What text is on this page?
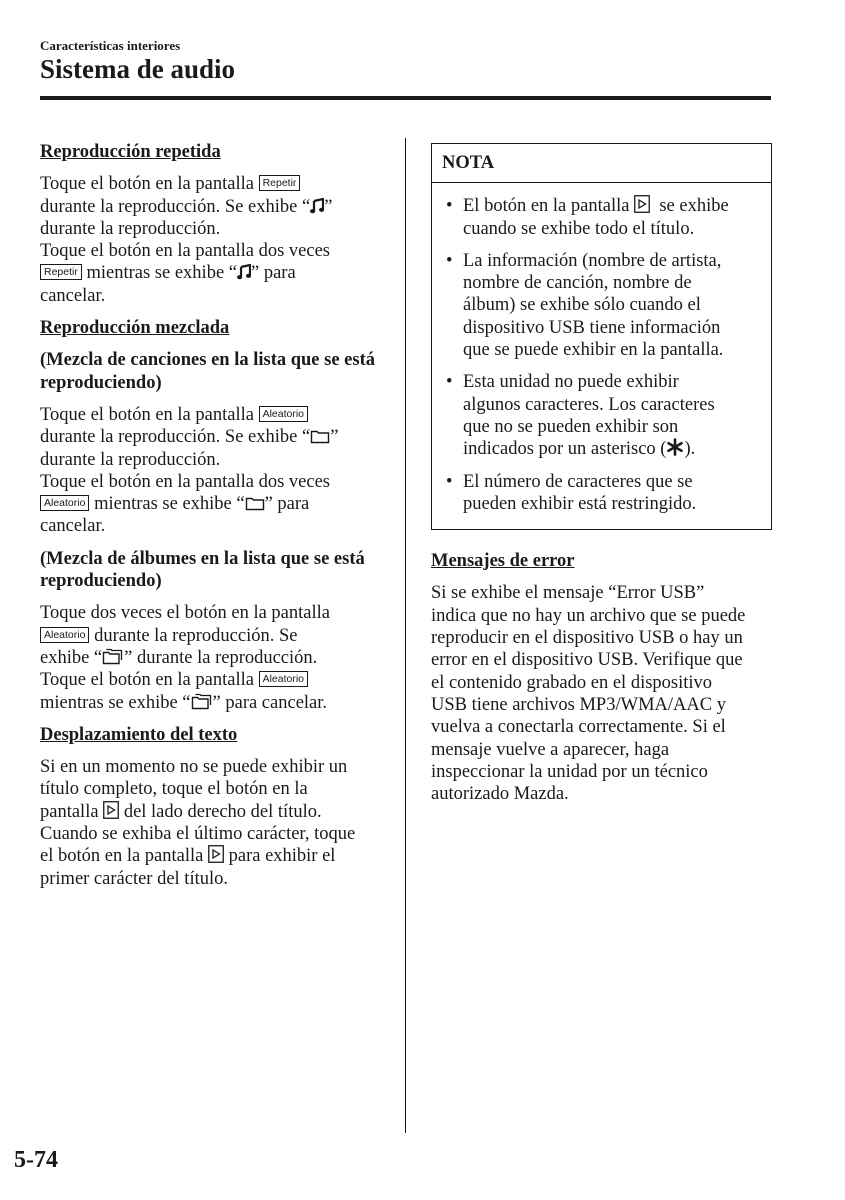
Características interiores
Sistema de audio
Reproducción repetida
Toque el botón en la pantalla Repetir
durante la reproducción. Se exhibe “ ”
durante la reproducción.
Toque el botón en la pantalla dos veces
Repetir mientras se exhibe “ ” para
cancelar.
Reproducción mezclada
(Mezcla de canciones en la lista que se está reproduciendo)
Toque el botón en la pantalla Aleatorio
durante la reproducción. Se exhibe “ ”
durante la reproducción.
Toque el botón en la pantalla dos veces
Aleatorio mientras se exhibe “ ” para
cancelar.
(Mezcla de álbumes en la lista que se está reproduciendo)
Toque dos veces el botón en la pantalla
Aleatorio durante la reproducción. Se
exhibe “ ” durante la reproducción.
Toque el botón en la pantalla Aleatorio
mientras se exhibe “ ” para cancelar.
Desplazamiento del texto
Si en un momento no se puede exhibir un
título completo, toque el botón en la
pantalla del lado derecho del título.
Cuando se exhiba el último carácter, toque
el botón en la pantalla para exhibir el
primer carácter del título.
NOTA
• El botón en la pantalla se exhibe
cuando se exhibe todo el título.
• La información (nombre de artista,
nombre de canción, nombre de
álbum) se exhibe sólo cuando el
dispositivo USB tiene información
que se puede exhibir en la pantalla.
• Esta unidad no puede exhibir
algunos caracteres. Los caracteres
que no se pueden exhibir son
indicados por un asterisco ( ).
• El número de caracteres que se
pueden exhibir está restringido.
Mensajes de error
Si se exhibe el mensaje “Error USB”
indica que no hay un archivo que se puede
reproducir en el dispositivo USB o hay un
error en el dispositivo USB. Verifique que
el contenido grabado en el dispositivo
USB tiene archivos MP3/WMA/AAC y
vuelva a conectarla correctamente. Si el
mensaje vuelve a aparecer, haga
inspeccionar la unidad por un técnico
autorizado Mazda.
5-74
